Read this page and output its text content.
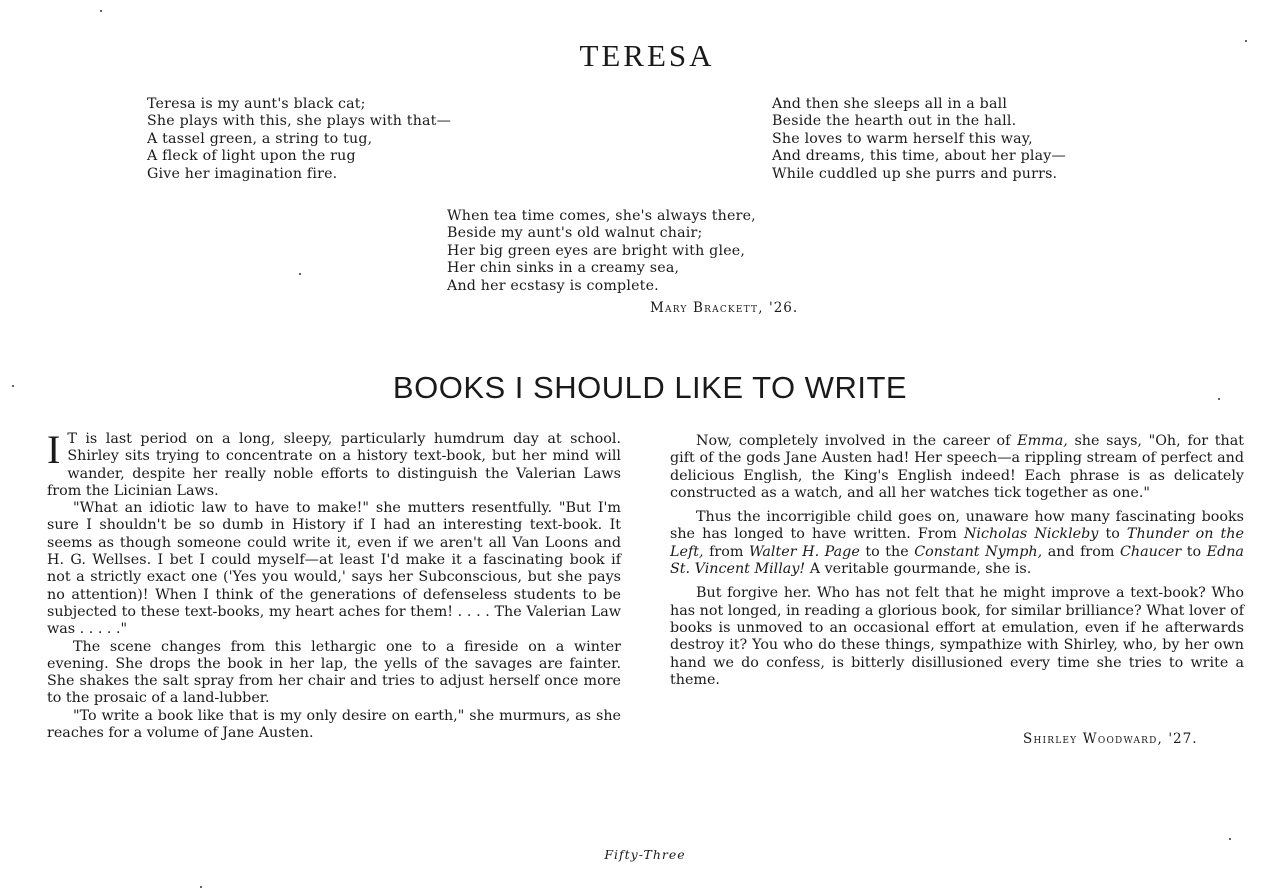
TERESA
Teresa is my aunt's black cat;
She plays with this, she plays with that—
A tassel green, a string to tug,
A fleck of light upon the rug
Give her imagination fire.
And then she sleeps all in a ball
Beside the hearth out in the hall.
She loves to warm herself this way,
And dreams, this time, about her play—
While cuddled up she purrs and purrs.
When tea time comes, she's always there,
Beside my aunt's old walnut chair;
Her big green eyes are bright with glee,
Her chin sinks in a creamy sea,
And her ecstasy is complete.
Mary Brackett, '26.
BOOKS I SHOULD LIKE TO WRITE

I T is last period on a long, sleepy, particularly humdrum day at school. Shirley sits trying to concentrate on a history text-book, but her mind will wander, despite her really noble efforts to distinguish the Valerian Laws from the Licinian Laws.

"What an idiotic law to have to make!" she mutters resentfully. "But I'm sure I shouldn't be so dumb in History if I had an interesting text-book. It seems as though someone could write it, even if we aren't all Van Loons and H. G. Wellses. I bet I could myself—at least I'd make it a fascinating book if not a strictly exact one ('Yes you would,' says her Subconscious, but she pays no attention)! When I think of the generations of defenseless students to be subjected to these text-books, my heart aches for them! . . . . The Valerian Law was . . . . ."

The scene changes from this lethargic one to a fireside on a winter evening. She drops the book in her lap, the yells of the savages are fainter. She shakes the salt spray from her chair and tries to adjust herself once more to the prosaic of a land-lubber.

"To write a book like that is my only desire on earth," she murmurs, as she reaches for a volume of Jane Austen.

Now, completely involved in the career of Emma, she says, "Oh, for that gift of the gods Jane Austen had! Her speech—a rippling stream of perfect and delicious English, the King's English indeed! Each phrase is as delicately constructed as a watch, and all her watches tick together as one."

Thus the incorrigible child goes on, unaware how many fascinating books she has longed to have written. From Nicholas Nickleby to Thunder on the Left, from Walter H. Page to the Constant Nymph, and from Chaucer to Edna St. Vincent Millay! A veritable gourmande, she is.

But forgive her. Who has not felt that he might improve a text-book? Who has not longed, in reading a glorious book, for similar brilliance? What lover of books is unmoved to an occasional effort at emulation, even if he afterwards destroy it? You who do these things, sympathize with Shirley, who, by her own hand we do confess, is bitterly disillusioned every time she tries to write a theme.

Shirley Woodward, '27.
Fifty-Three
